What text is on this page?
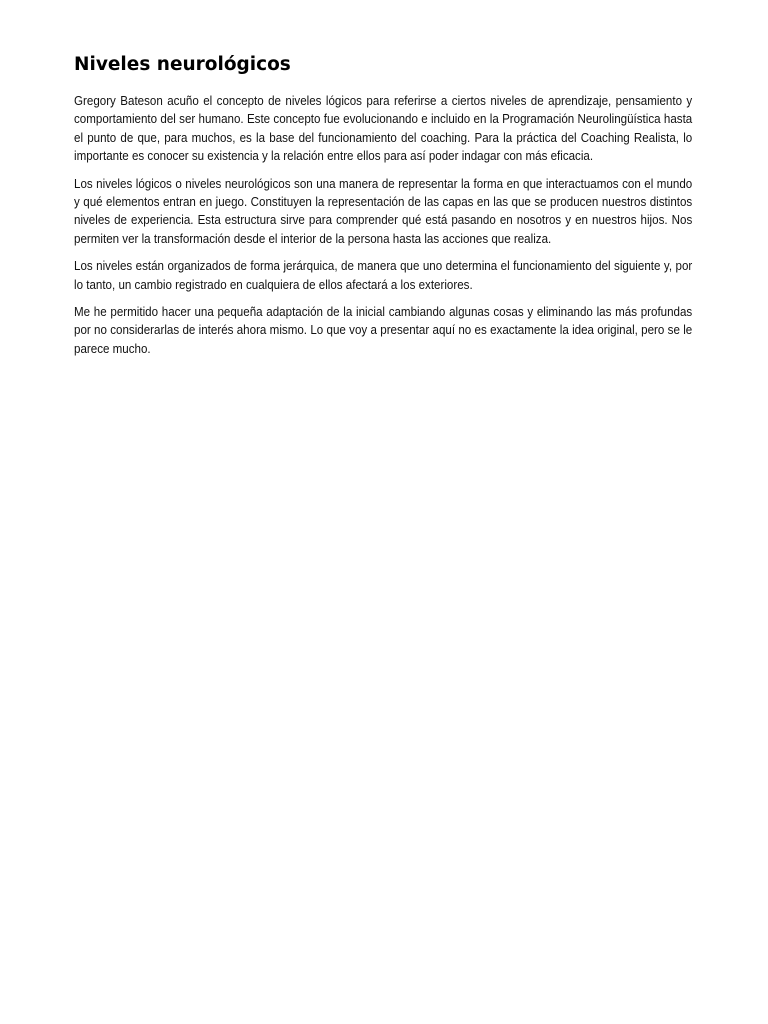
Niveles neurológicos

Gregory Bateson acuño el concepto de niveles lógicos para referirse a ciertos niveles de aprendizaje, pensamiento y comportamiento del ser humano. Este concepto fue evolucionando e incluido en la Programación Neurolingüística hasta el punto de que, para muchos, es la base del funcionamiento del coaching. Para la práctica del Coaching Realista, lo importante es conocer su existencia y la relación entre ellos para así poder indagar con más eficacia.

Los niveles lógicos o niveles neurológicos son una manera de representar la forma en que interactuamos con el mundo y qué elementos entran en juego. Constituyen la representación de las capas en las que se producen nuestros distintos niveles de experiencia. Esta estructura sirve para comprender qué está pasando en nosotros y en nuestros hijos. Nos permiten ver la transformación desde el interior de la persona hasta las acciones que realiza.

Los niveles están organizados de forma jerárquica, de manera que uno determina el funcionamiento del siguiente y, por lo tanto, un cambio registrado en cualquiera de ellos afectará a los exteriores.

Me he permitido hacer una pequeña adaptación de la inicial cambiando algunas cosas y eliminando las más profundas por no considerarlas de interés ahora mismo. Lo que voy a presentar aquí no es exactamente la idea original, pero se le parece mucho.
